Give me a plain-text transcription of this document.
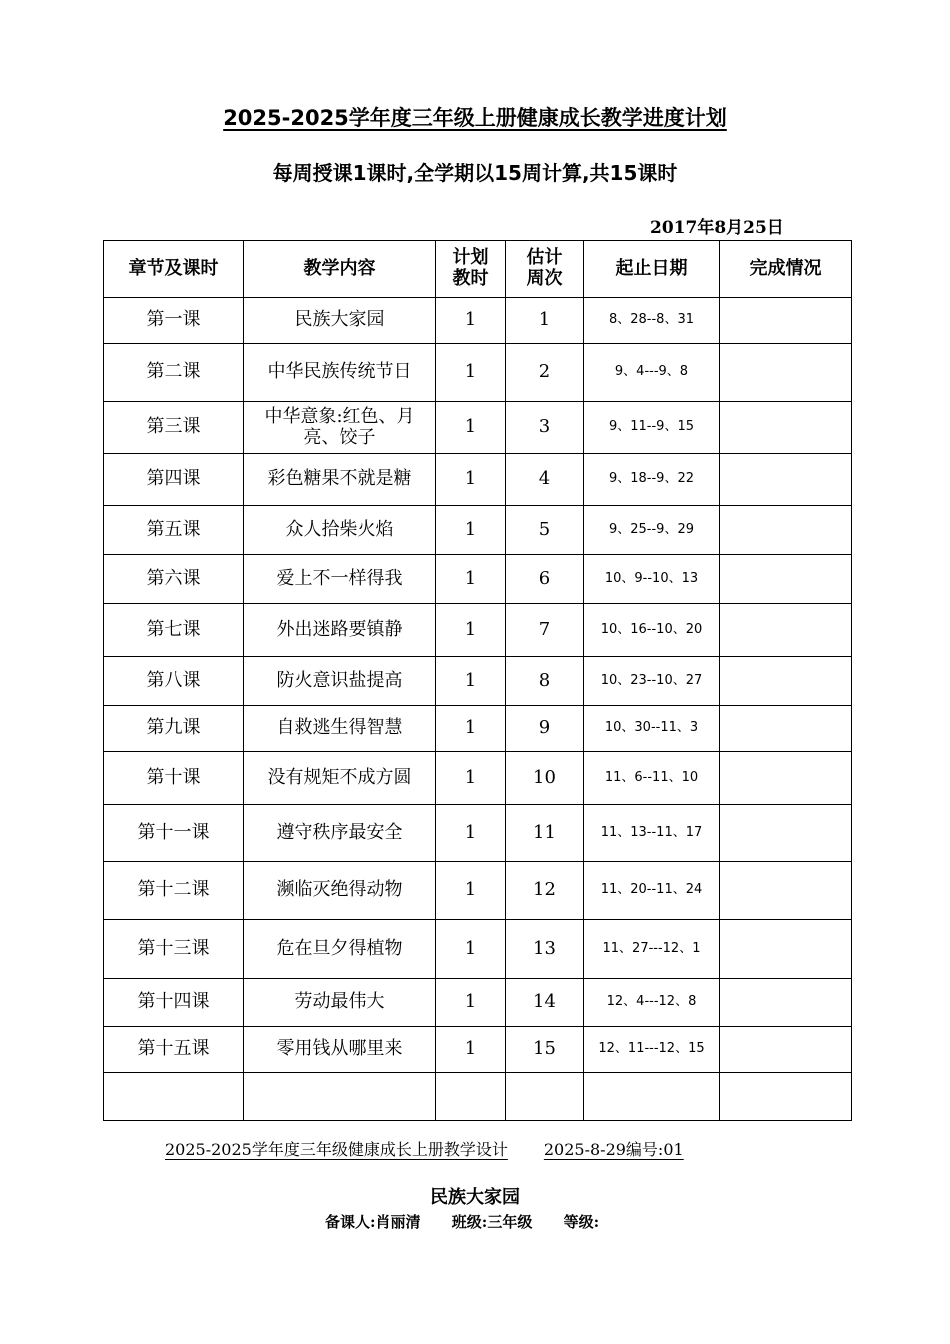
2025-2025学年度三年级上册健康成长教学进度计划
每周授课1课时,全学期以15周计算,共15课时
2017年8月25日
章节及课时	教学内容	计划教时	估计周次	起止日期	完成情况
第一课	民族大家园	1	1	8、28--8、31	
第二课	中华民族传统节日	1	2	9、4---9、8	
第三课	中华意象:红色、月亮、饺子	1	3	9、11--9、15	
第四课	彩色糖果不就是糖	1	4	9、18--9、22	
第五课	众人拾柴火焰	1	5	9、25--9、29	
第六课	爱上不一样得我	1	6	10、9--10、13	
第七课	外出迷路要镇静	1	7	10、16--10、20	
第八课	防火意识盐提高	1	8	10、23--10、27	
第九课	自救逃生得智慧	1	9	10、30--11、3	
第十课	没有规矩不成方圆	1	10	11、6--11、10	
第十一课	遵守秩序最安全	1	11	11、13--11、17	
第十二课	濒临灭绝得动物	1	12	11、20--11、24	
第十三课	危在旦夕得植物	1	13	11、27---12、1	
第十四课	劳动最伟大	1	14	12、4---12、8	
第十五课	零用钱从哪里来	1	15	12、11---12、15	

2025-2025学年度三年级健康成长上册教学设计 2025-8-29编号:01
民族大家园
备课人:肖丽清 班级:三年级 等级:
